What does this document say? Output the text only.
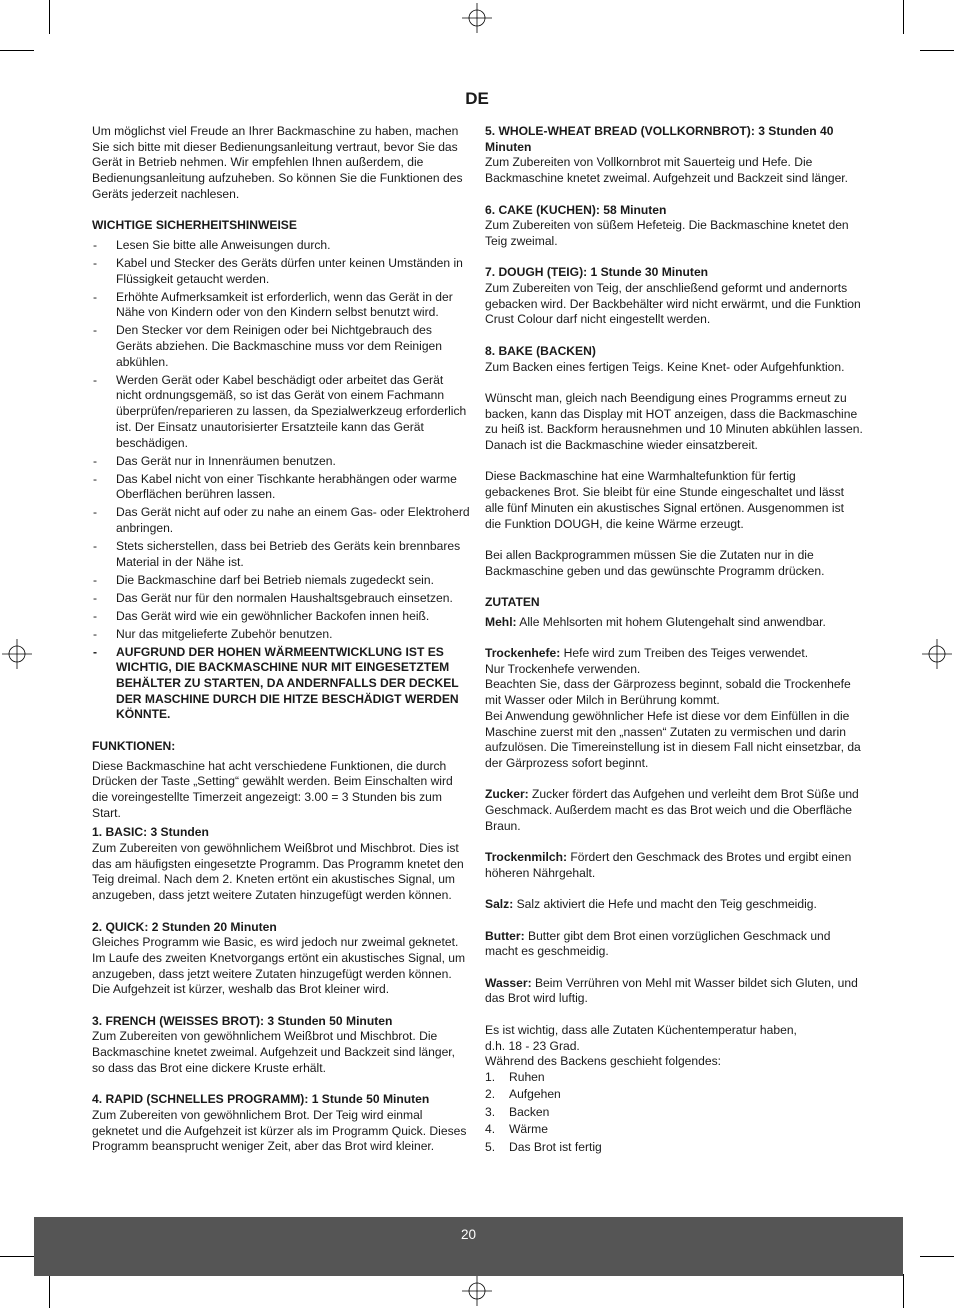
DE

Um möglichst viel Freude an Ihrer Backmaschine zu haben, machen Sie sich bitte mit dieser Bedienungsanleitung vertraut, bevor Sie das Gerät in Betrieb nehmen. Wir empfehlen Ihnen außerdem, die Bedienungsanleitung aufzuheben. So können Sie die Funktionen des Geräts jederzeit nachlesen.

WICHTIGE SICHERHEITSHINWEISE
- Lesen Sie bitte alle Anweisungen durch.
- Kabel und Stecker des Geräts dürfen unter keinen Umständen in Flüssigkeit getaucht werden.
- Erhöhte Aufmerksamkeit ist erforderlich, wenn das Gerät in der Nähe von Kindern oder von den Kindern selbst benutzt wird.
- Den Stecker vor dem Reinigen oder bei Nichtgebrauch des Geräts abziehen. Die Backmaschine muss vor dem Reinigen abkühlen.
- Werden Gerät oder Kabel beschädigt oder arbeitet das Gerät nicht ordnungsgemäß, so ist das Gerät von einem Fachmann überprüfen/reparieren zu lassen, da Spezialwerkzeug erforderlich ist. Der Einsatz unautorisierter Ersatzteile kann das Gerät beschädigen.
- Das Gerät nur in Innenräumen benutzen.
- Das Kabel nicht von einer Tischkante herabhängen oder warme Oberflächen berühren lassen.
- Das Gerät nicht auf oder zu nahe an einem Gas- oder Elektroherd anbringen.
- Stets sicherstellen, dass bei Betrieb des Geräts kein brennbares Material in der Nähe ist.
- Die Backmaschine darf bei Betrieb niemals zugedeckt sein.
- Das Gerät nur für den normalen Haushaltsgebrauch einsetzen.
- Das Gerät wird wie ein gewöhnlicher Backofen innen heiß.
- Nur das mitgelieferte Zubehör benutzen.
- AUFGRUND DER HOHEN WÄRMEENTWICKLUNG IST ES WICHTIG, DIE BACKMASCHINE NUR MIT EINGESETZTEM BEHÄLTER ZU STARTEN, DA ANDERNFALLS DER DECKEL DER MASCHINE DURCH DIE HITZE BESCHÄDIGT WERDEN KÖNNTE.
FUNKTIONEN:

Diese Backmaschine hat acht verschiedene Funktionen, die durch Drücken der Taste „Setting“ gewählt werden. Beim Einschalten wird die voreingestellte Timerzeit angezeigt: 3.00 = 3 Stunden bis zum Start.

1. BASIC: 3 Stunden
Zum Zubereiten von gewöhnlichem Weißbrot und Mischbrot. Dies ist das am häufigsten eingesetzte Programm. Das Programm knetet den Teig dreimal. Nach dem 2. Kneten ertönt ein akustisches Signal, um anzugeben, dass jetzt weitere Zutaten hinzugefügt werden können.
2. QUICK: 2 Stunden 20 Minuten
Gleiches Programm wie Basic, es wird jedoch nur zweimal geknetet. Im Laufe des zweiten Knetvorgangs ertönt ein akustisches Signal, um anzugeben, dass jetzt weitere Zutaten hinzugefügt werden können. Die Aufgehzeit ist kürzer, weshalb das Brot kleiner wird.
3. FRENCH (WEISSES BROT): 3 Stunden 50 Minuten
Zum Zubereiten von gewöhnlichem Weißbrot und Mischbrot. Die Backmaschine knetet zweimal. Aufgehzeit und Backzeit sind länger, so dass das Brot eine dickere Kruste erhält.
4. RAPID (SCHNELLES PROGRAMM): 1 Stunde 50 Minuten
Zum Zubereiten von gewöhnlichem Brot. Der Teig wird einmal geknetet und die Aufgehzeit ist kürzer als im Programm Quick. Dieses Programm beansprucht weniger Zeit, aber das Brot wird kleiner.
5. WHOLE-WHEAT BREAD (VOLLKORNBROT): 3 Stunden 40 Minuten
Zum Zubereiten von Vollkornbrot mit Sauerteig und Hefe. Die Backmaschine knetet zweimal. Aufgehzeit und Backzeit sind länger.
6. CAKE (KUCHEN): 58 Minuten
Zum Zubereiten von süßem Hefeteig. Die Backmaschine knetet den Teig zweimal.
7. DOUGH (TEIG): 1 Stunde 30 Minuten
Zum Zubereiten von Teig, der anschließend geformt und andernorts gebacken wird. Der Backbehälter wird nicht erwärmt, und die Funktion Crust Colour darf nicht eingestellt werden.
8. BAKE (BACKEN)
Zum Backen eines fertigen Teigs. Keine Knet- oder Aufgehfunktion.

Wünscht man, gleich nach Beendigung eines Programms erneut zu backen, kann das Display mit HOT anzeigen, dass die Backmaschine zu heiß ist. Backform herausnehmen und 10 Minuten abkühlen lassen. Danach ist die Backmaschine wieder einsatzbereit.

Diese Backmaschine hat eine Warmhaltefunktion für fertig gebackenes Brot. Sie bleibt für eine Stunde eingeschaltet und lässt alle fünf Minuten ein akustisches Signal ertönen. Ausgenommen ist die Funktion DOUGH, die keine Wärme erzeugt.

Bei allen Backprogrammen müssen Sie die Zutaten nur in die Backmaschine geben und das gewünschte Programm drücken.

ZUTATEN

Mehl: Alle Mehlsorten mit hohem Glutengehalt sind anwendbar.

Trockenhefe: Hefe wird zum Treiben des Teiges verwendet.
Nur Trockenhefe verwenden.
Beachten Sie, dass der Gärprozess beginnt, sobald die Trockenhefe mit Wasser oder Milch in Berührung kommt.
Bei Anwendung gewöhnlicher Hefe ist diese vor dem Einfüllen in die Maschine zuerst mit den „nassen“ Zutaten zu vermischen und darin aufzulösen. Die Timereinstellung ist in diesem Fall nicht einsetzbar, da der Gärprozess sofort beginnt.

Zucker: Zucker fördert das Aufgehen und verleiht dem Brot Süße und Geschmack. Außerdem macht es das Brot weich und die Oberfläche Braun.

Trockenmilch: Fördert den Geschmack des Brotes und ergibt einen höheren Nährgehalt.

Salz: Salz aktiviert die Hefe und macht den Teig geschmeidig.

Butter: Butter gibt dem Brot einen vorzüglichen Geschmack und macht es geschmeidig.

Wasser: Beim Verrühren von Mehl mit Wasser bildet sich Gluten, und das Brot wird luftig.

Es ist wichtig, dass alle Zutaten Küchentemperatur haben,
d.h. 18 - 23 Grad.
Während des Backens geschieht folgendes:
1.	Ruhen
2.	Aufgehen
3.	Backen
4.	Wärme
5.	Das Brot ist fertig
20
